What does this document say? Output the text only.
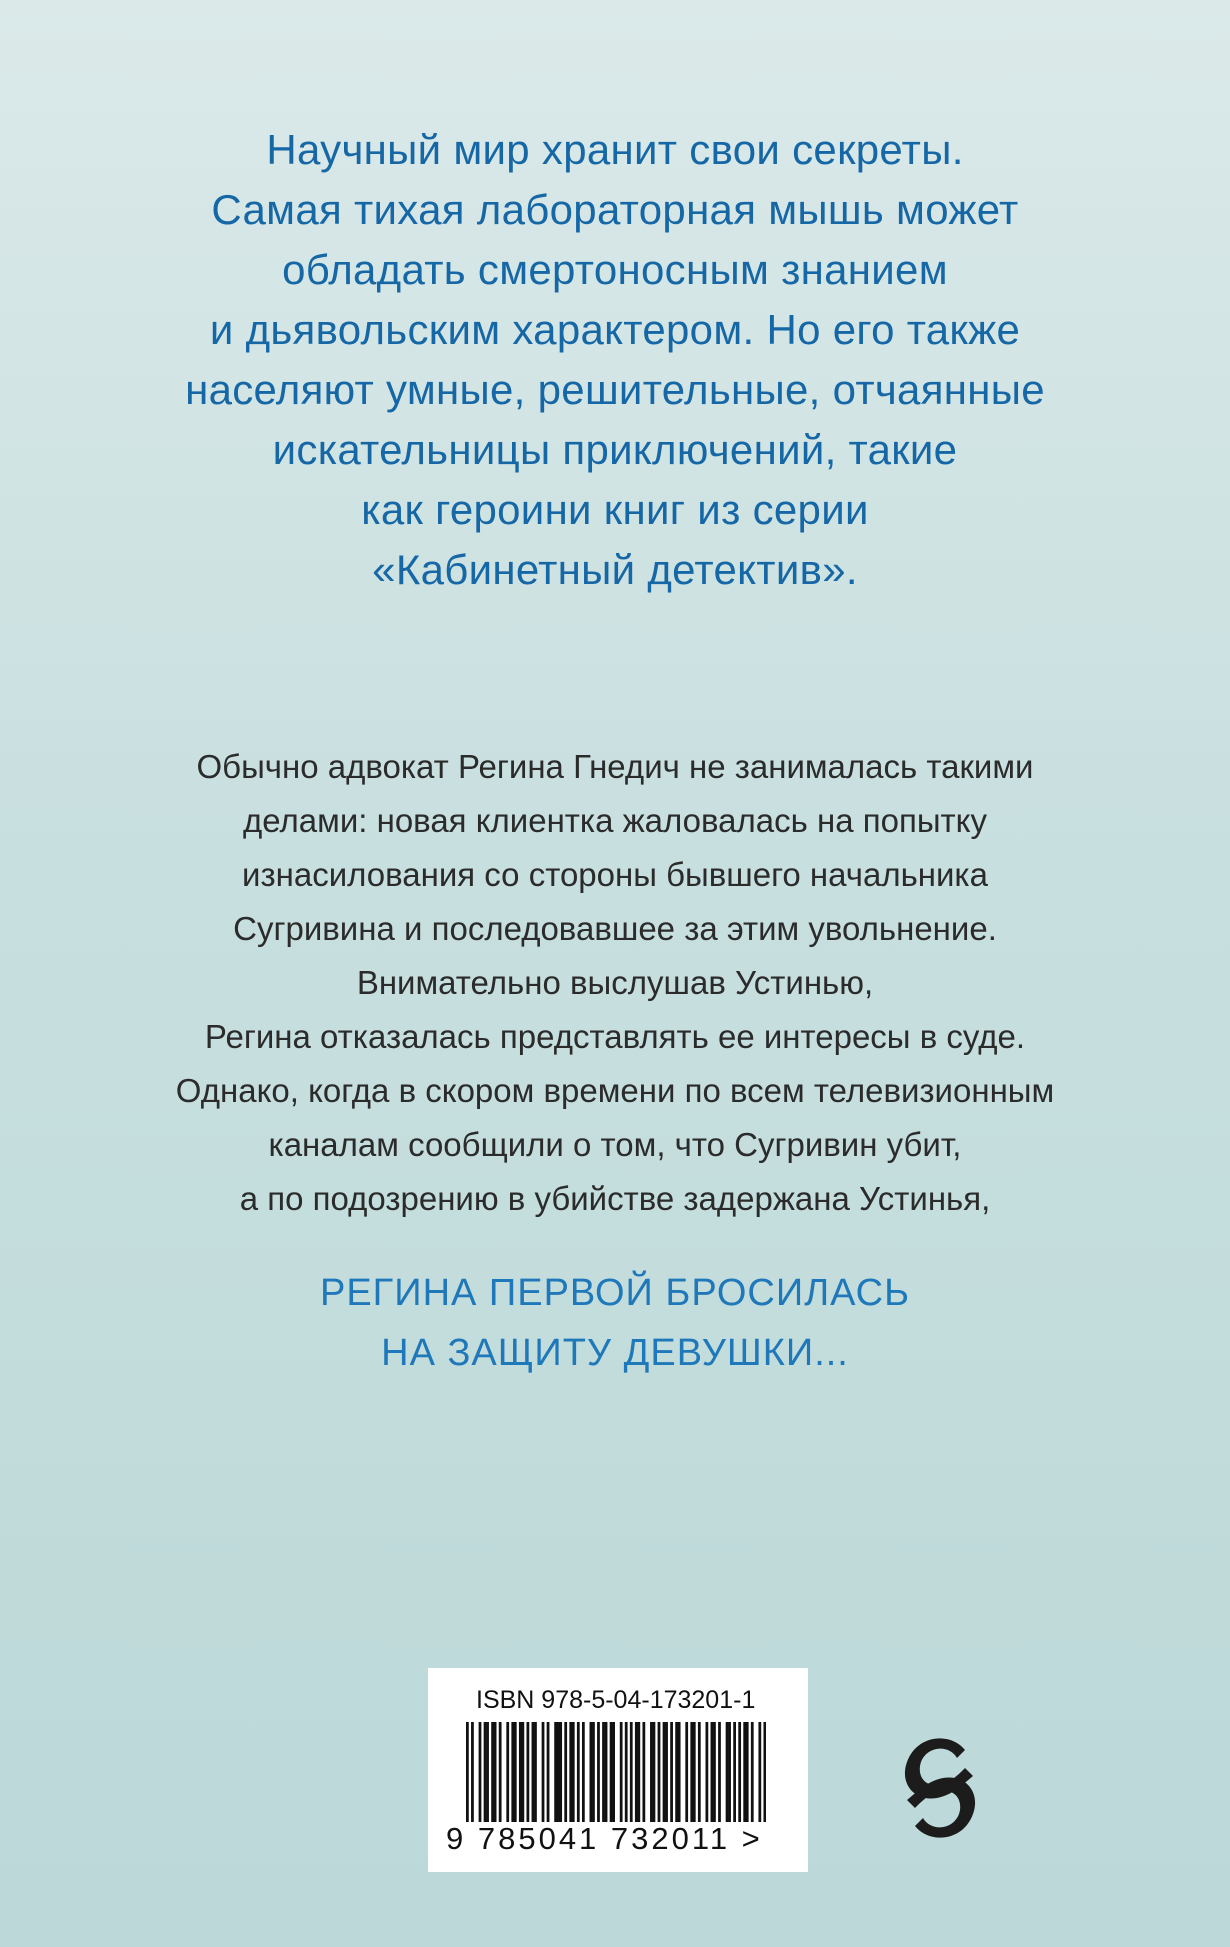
Научный мир хранит свои секреты.
Самая тихая лабораторная мышь может
обладать смертоносным знанием
и дьявольским характером. Но его также
населяют умные, решительные, отчаянные
искательницы приключений, такие
как героини книг из серии
«Кабинетный детектив».
Обычно адвокат Регина Гнедич не занималась такими
делами: новая клиентка жаловалась на попытку
изнасилования со стороны бывшего начальника
Сугривина и последовавшее за этим увольнение.
Внимательно выслушав Устинью,
Регина отказалась представлять ее интересы в суде.
Однако, когда в скором времени по всем телевизионным
каналам сообщили о том, что Сугривин убит,
а по подозрению в убийстве задержана Устинья,
РЕГИНА ПЕРВОЙ БРОСИЛАСЬ
НА ЗАЩИТУ ДЕВУШКИ...
ISBN 978-5-04-173201-1
9 785041 732011 >
